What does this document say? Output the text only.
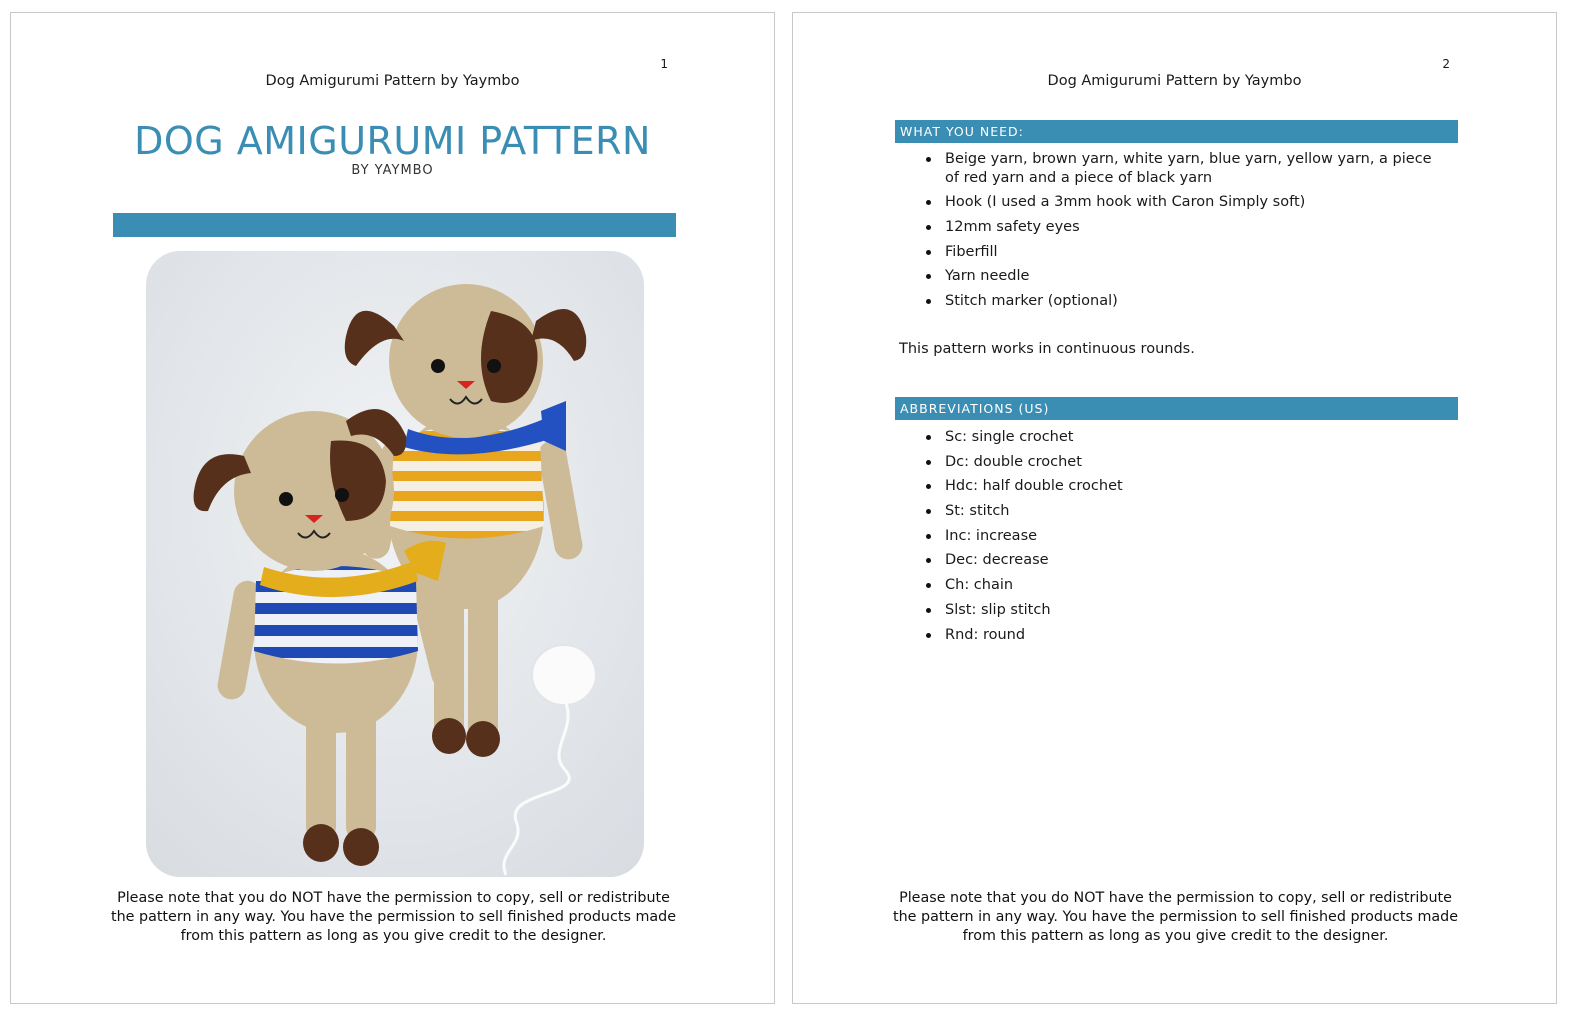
1
Dog Amigurumi Pattern by Yaymbo
DOG AMIGURUMI PATTERN
BY YAYMBO
Please note that you do NOT have the permission to copy, sell or redistribute the pattern in any way. You have the permission to sell finished products made from this pattern as long as you give credit to the designer.
2
Dog Amigurumi Pattern by Yaymbo
WHAT YOU NEED:
Beige yarn, brown yarn, white yarn, blue yarn, yellow yarn, a piece of red yarn and a piece of black yarn
Hook (I used a 3mm hook with Caron Simply soft)
12mm safety eyes
Fiberfill
Yarn needle
Stitch marker (optional)
This pattern works in continuous rounds.
ABBREVIATIONS (US)
Sc: single crochet
Dc: double crochet
Hdc: half double crochet
St: stitch
Inc: increase
Dec: decrease
Ch: chain
Slst: slip stitch
Rnd: round
Please note that you do NOT have the permission to copy, sell or redistribute the pattern in any way. You have the permission to sell finished products made from this pattern as long as you give credit to the designer.
